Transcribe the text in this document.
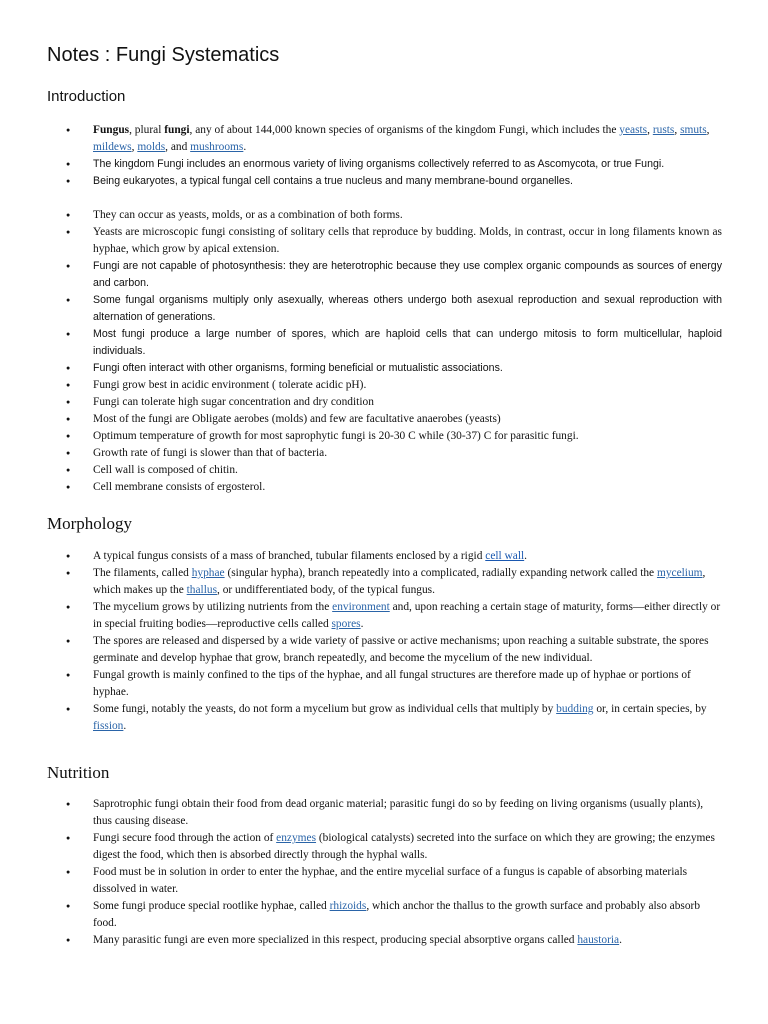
Notes : Fungi Systematics
Introduction
● Fungus, plural fungi, any of about 144,000 known species of organisms of the kingdom Fungi, which includes the yeasts, rusts, smuts, mildews, molds, and mushrooms.
● The kingdom Fungi includes an enormous variety of living organisms collectively referred to as Ascomycota, or true Fungi.
● Being eukaryotes, a typical fungal cell contains a true nucleus and many membrane-bound organelles.
● They can occur as yeasts, molds, or as a combination of both forms.
● Yeasts are microscopic fungi consisting of solitary cells that reproduce by budding. Molds, in contrast, occur in long filaments known as hyphae, which grow by apical extension.
● Fungi are not capable of photosynthesis: they are heterotrophic because they use complex organic compounds as sources of energy and carbon.
● Some fungal organisms multiply only asexually, whereas others undergo both asexual reproduction and sexual reproduction with alternation of generations.
● Most fungi produce a large number of spores, which are haploid cells that can undergo mitosis to form multicellular, haploid individuals.
● Fungi often interact with other organisms, forming beneficial or mutualistic associations.
● Fungi grow best in acidic environment ( tolerate acidic pH).
● Fungi can tolerate high sugar concentration and dry condition
● Most of the fungi are Obligate aerobes (molds) and few are facultative anaerobes (yeasts)
● Optimum temperature of growth for most saprophytic fungi is 20-30 C while (30-37) C for parasitic fungi.
● Growth rate of fungi is slower than that of bacteria.
● Cell wall is composed of chitin.
● Cell membrane consists of ergosterol.
Morphology
● A typical fungus consists of a mass of branched, tubular filaments enclosed by a rigid cell wall.
● The filaments, called hyphae (singular hypha), branch repeatedly into a complicated, radially expanding network called the mycelium, which makes up the thallus, or undifferentiated body, of the typical fungus.
● The mycelium grows by utilizing nutrients from the environment and, upon reaching a certain stage of maturity, forms—either directly or in special fruiting bodies—reproductive cells called spores.
● The spores are released and dispersed by a wide variety of passive or active mechanisms; upon reaching a suitable substrate, the spores germinate and develop hyphae that grow, branch repeatedly, and become the mycelium of the new individual.
● Fungal growth is mainly confined to the tips of the hyphae, and all fungal structures are therefore made up of hyphae or portions of hyphae.
● Some fungi, notably the yeasts, do not form a mycelium but grow as individual cells that multiply by budding or, in certain species, by fission.
Nutrition
● Saprotrophic fungi obtain their food from dead organic material; parasitic fungi do so by feeding on living organisms (usually plants), thus causing disease.
● Fungi secure food through the action of enzymes (biological catalysts) secreted into the surface on which they are growing; the enzymes digest the food, which then is absorbed directly through the hyphal walls.
● Food must be in solution in order to enter the hyphae, and the entire mycelial surface of a fungus is capable of absorbing materials dissolved in water.
● Some fungi produce special rootlike hyphae, called rhizoids, which anchor the thallus to the growth surface and probably also absorb food.
● Many parasitic fungi are even more specialized in this respect, producing special absorptive organs called haustoria.
